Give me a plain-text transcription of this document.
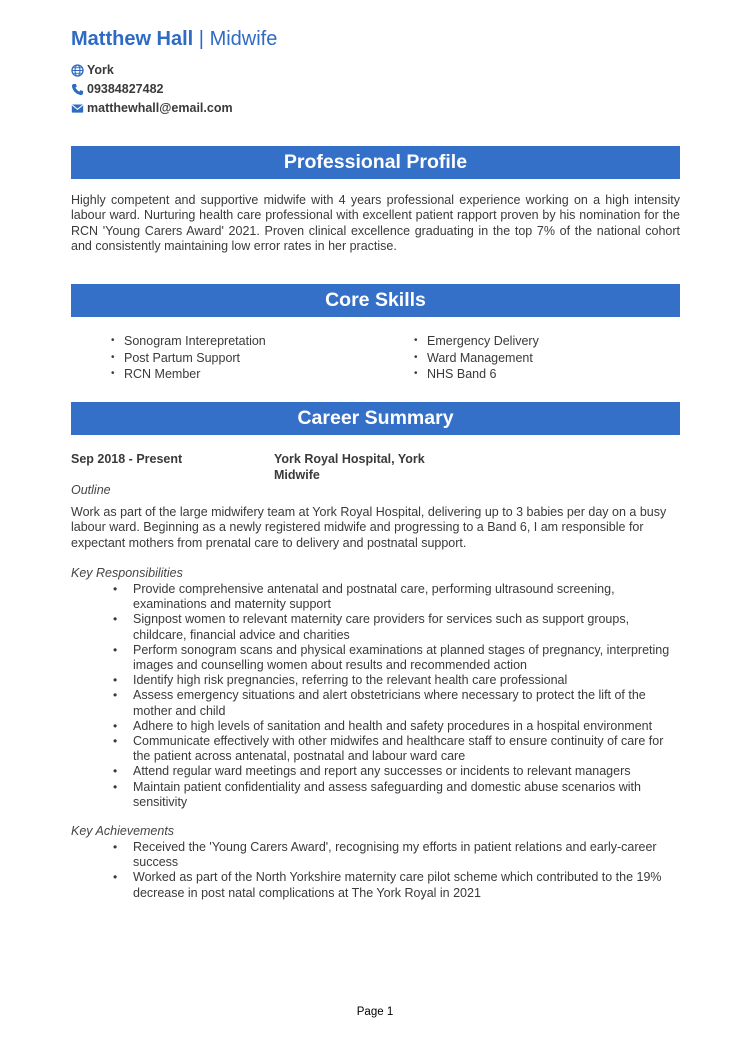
Matthew Hall | Midwife
York
09384827482
matthewhall@email.com
Professional Profile
Highly competent and supportive midwife with 4 years professional experience working on a high intensity labour ward. Nurturing health care professional with excellent patient rapport proven by his nomination for the RCN 'Young Carers Award' 2021. Proven clinical excellence graduating in the top 7% of the national cohort and consistently maintaining low error rates in her practise.
Core Skills
• Sonogram Interepretation
• Post Partum Support
• RCN Member
• Emergency Delivery
• Ward Management
• NHS Band 6
Career Summary
Sep 2018 - Present	York Royal Hospital, York
Midwife
Outline
Work as part of the large midwifery team at York Royal Hospital, delivering up to 3 babies per day on a busy labour ward. Beginning as a newly registered midwife and progressing to a Band 6, I am responsible for expectant mothers from prenatal care to delivery and postnatal support.
Key Responsibilities
• Provide comprehensive antenatal and postnatal care, performing ultrasound screening, examinations and maternity support
• Signpost women to relevant maternity care providers for services such as support groups, childcare, financial advice and charities
• Perform sonogram scans and physical examinations at planned stages of pregnancy, interpreting images and counselling women about results and recommended action
• Identify high risk pregnancies, referring to the relevant health care professional
• Assess emergency situations and alert obstetricians where necessary to protect the lift of the mother and child
• Adhere to high levels of sanitation and health and safety procedures in a hospital environment
• Communicate effectively with other midwifes and healthcare staff to ensure continuity of care for the patient across antenatal, postnatal and labour ward care
• Attend regular ward meetings and report any successes or incidents to relevant managers
• Maintain patient confidentiality and assess safeguarding and domestic abuse scenarios with sensitivity
Key Achievements
• Received the 'Young Carers Award', recognising my efforts in patient relations and early-career success
• Worked as part of the North Yorkshire maternity care pilot scheme which contributed to the 19% decrease in post natal complications at The York Royal in 2021
Page 1
